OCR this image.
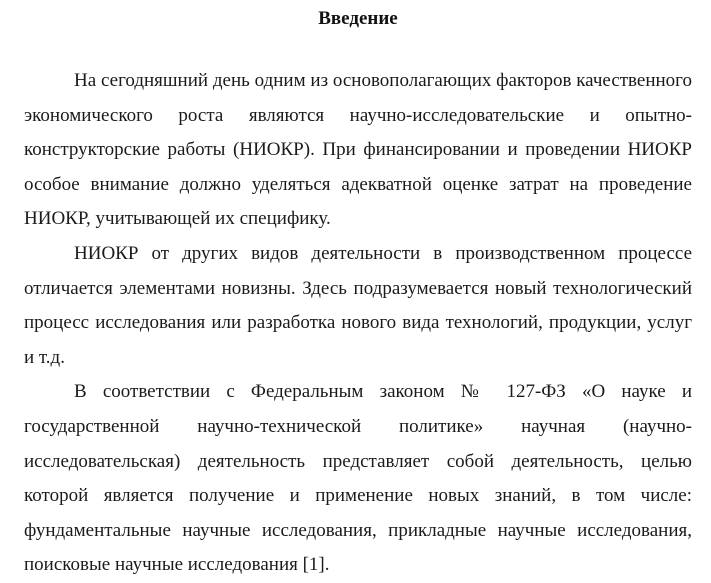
Введение

На сегодняшний день одним из основополагающих факторов качественного экономического роста являются научно-исследовательские и опытно-конструкторские работы (НИОКР). При финансировании и проведении НИОКР особое внимание должно уделяться адекватной оценке затрат на проведение НИОКР, учитывающей их специфику.

НИОКР от других видов деятельности в производственном процессе отличается элементами новизны. Здесь подразумевается новый технологический процесс исследования или разработка нового вида технологий, продукции, услуг и т.д.

В соответствии с Федеральным законом № 127-ФЗ «О науке и государственной научно-технической политике» научная (научно-исследовательская) деятельность представляет собой деятельность, целью которой является получение и применение новых знаний, в том числе: фундаментальные научные исследования, прикладные научные исследования, поисковые научные исследования [1].
